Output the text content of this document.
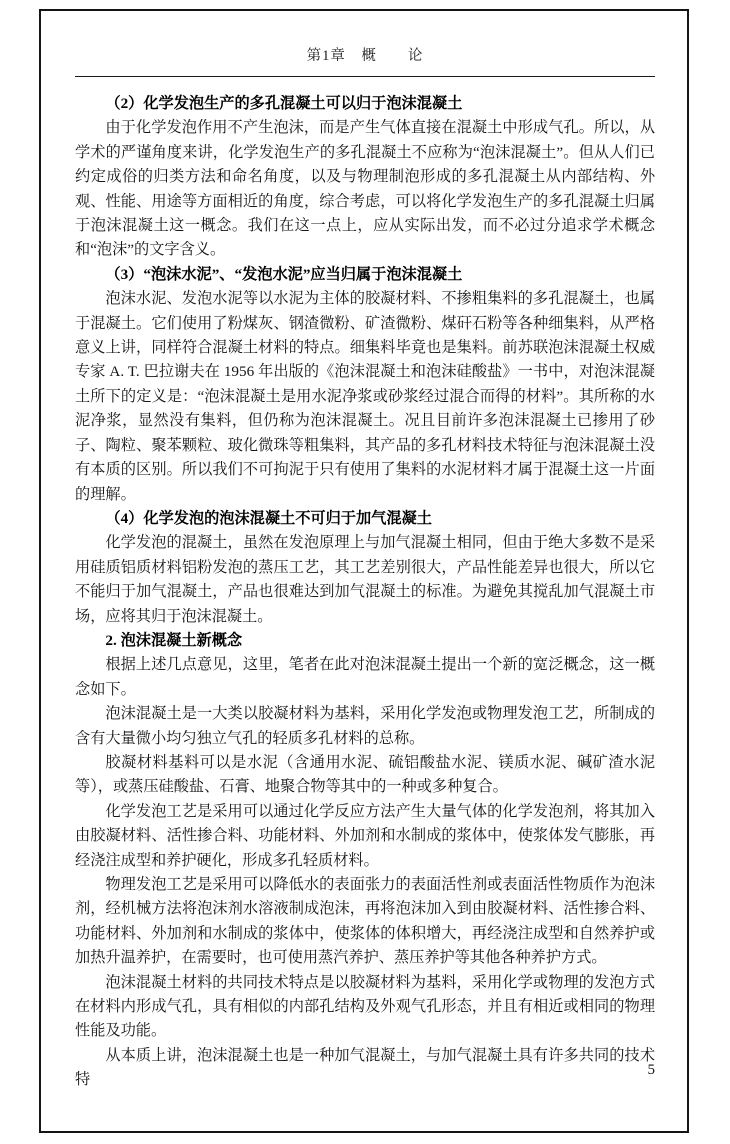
第1章　概　　论

（2）化学发泡生产的多孔混凝土可以归于泡沫混凝土

由于化学发泡作用不产生泡沫，而是产生气体直接在混凝土中形成气孔。所以，从学术的严谨角度来讲，化学发泡生产的多孔混凝土不应称为“泡沫混凝土”。但从人们已约定成俗的归类方法和命名角度，以及与物理制泡形成的多孔混凝土从内部结构、外观、性能、用途等方面相近的角度，综合考虑，可以将化学发泡生产的多孔混凝土归属于泡沫混凝土这一概念。我们在这一点上，应从实际出发，而不必过分追求学术概念和“泡沫”的文字含义。

（3）“泡沫水泥”、“发泡水泥”应当归属于泡沫混凝土

泡沫水泥、发泡水泥等以水泥为主体的胶凝材料、不掺粗集料的多孔混凝土，也属于混凝土。它们使用了粉煤灰、钢渣微粉、矿渣微粉、煤矸石粉等各种细集料，从严格意义上讲，同样符合混凝土材料的特点。细集料毕竟也是集料。前苏联泡沫混凝土权威专家 A. T. 巴拉谢夫在 1956 年出版的《泡沫混凝土和泡沫硅酸盐》一书中，对泡沫混凝土所下的定义是：“泡沫混凝土是用水泥净浆或砂浆经过混合而得的材料”。其所称的水泥净浆，显然没有集料，但仍称为泡沫混凝土。况且目前许多泡沫混凝土已掺用了砂子、陶粒、聚苯颗粒、玻化微珠等粗集料，其产品的多孔材料技术特征与泡沫混凝土没有本质的区别。所以我们不可拘泥于只有使用了集料的水泥材料才属于混凝土这一片面的理解。

（4）化学发泡的泡沫混凝土不可归于加气混凝土

化学发泡的混凝土，虽然在发泡原理上与加气混凝土相同，但由于绝大多数不是采用硅质铝质材料铝粉发泡的蒸压工艺，其工艺差别很大，产品性能差异也很大，所以它不能归于加气混凝土，产品也很难达到加气混凝土的标准。为避免其搅乱加气混凝土市场，应将其归于泡沫混凝土。

2. 泡沫混凝土新概念

根据上述几点意见，这里，笔者在此对泡沫混凝土提出一个新的宽泛概念，这一概念如下。

泡沫混凝土是一大类以胶凝材料为基料，采用化学发泡或物理发泡工艺，所制成的含有大量微小均匀独立气孔的轻质多孔材料的总称。

胶凝材料基料可以是水泥（含通用水泥、硫铝酸盐水泥、镁质水泥、碱矿渣水泥等），或蒸压硅酸盐、石膏、地聚合物等其中的一种或多种复合。

化学发泡工艺是采用可以通过化学反应方法产生大量气体的化学发泡剂，将其加入由胶凝材料、活性掺合料、功能材料、外加剂和水制成的浆体中，使浆体发气膨胀，再经浇注成型和养护硬化，形成多孔轻质材料。

物理发泡工艺是采用可以降低水的表面张力的表面活性剂或表面活性物质作为泡沫剂，经机械方法将泡沫剂水溶液制成泡沫，再将泡沫加入到由胶凝材料、活性掺合料、功能材料、外加剂和水制成的浆体中，使浆体的体积增大，再经浇注成型和自然养护或加热升温养护，在需要时，也可使用蒸汽养护、蒸压养护等其他各种养护方式。

泡沫混凝土材料的共同技术特点是以胶凝材料为基料，采用化学或物理的发泡方式在材料内形成气孔，具有相似的内部孔结构及外观气孔形态，并且有相近或相同的物理性能及功能。

从本质上讲，泡沫混凝土也是一种加气混凝土，与加气混凝土具有许多共同的技术特

5
